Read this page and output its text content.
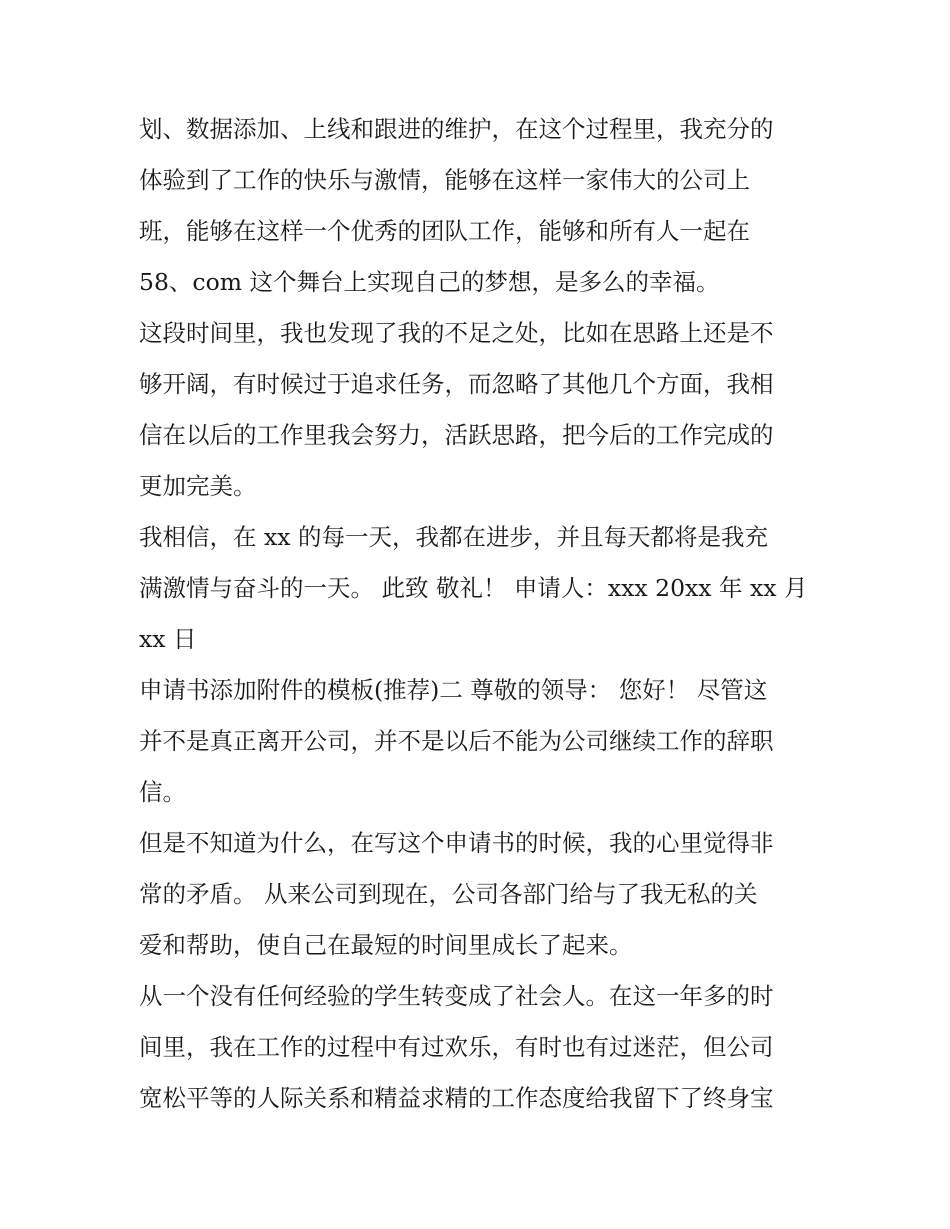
划、数据添加、上线和跟进的维护，在这个过程里，我充分的
体验到了工作的快乐与激情，能够在这样一家伟大的公司上
班，能够在这样一个优秀的团队工作，能够和所有人一起在
58、com 这个舞台上实现自己的梦想，是多么的幸福。

这段时间里，我也发现了我的不足之处，比如在思路上还是不
够开阔，有时候过于追求任务，而忽略了其他几个方面，我相
信在以后的工作里我会努力，活跃思路，把今后的工作完成的
更加完美。

我相信，在 xx 的每一天，我都在进步，并且每天都将是我充
满激情与奋斗的一天。 此致 敬礼！ 申请人：xxx 20xx 年 xx 月
xx 日

申请书添加附件的模板(推荐)二 尊敬的领导： 您好！ 尽管这
并不是真正离开公司，并不是以后不能为公司继续工作的辞职
信。

但是不知道为什么，在写这个申请书的时候，我的心里觉得非
常的矛盾。 从来公司到现在，公司各部门给与了我无私的关
爱和帮助，使自己在最短的时间里成长了起来。

从一个没有任何经验的学生转变成了社会人。在这一年多的时
间里，我在工作的过程中有过欢乐，有时也有过迷茫，但公司
宽松平等的人际关系和精益求精的工作态度给我留下了终身宝
